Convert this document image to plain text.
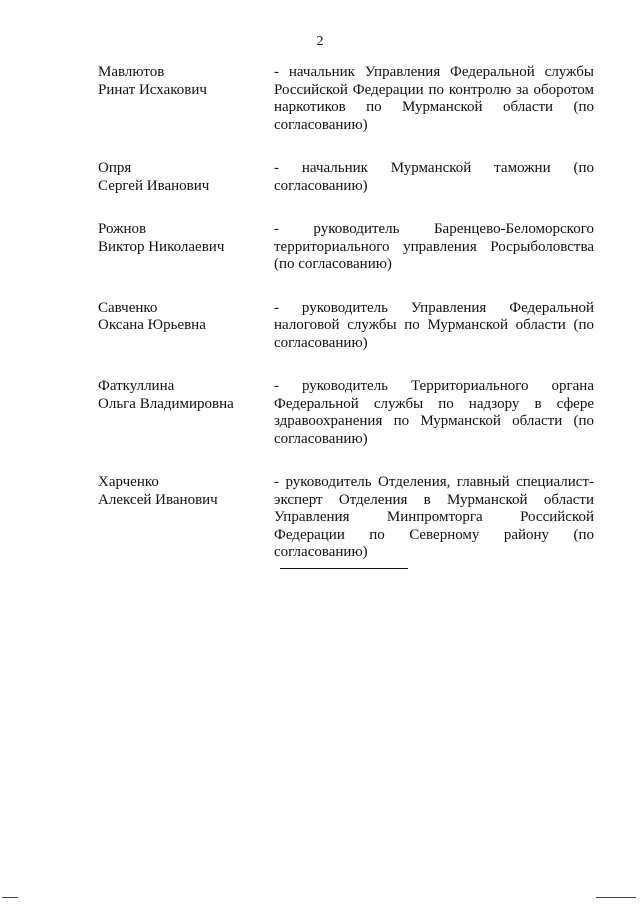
2
Мавлютов
Ринат Исхакович
- начальник Управления Федеральной службы Российской Федерации по контролю за оборотом наркотиков по Мурманской области (по согласованию)
Опря
Сергей Иванович
- начальник Мурманской таможни (по согласованию)
Рожнов
Виктор Николаевич
- руководитель Баренцево-Беломорского территориального управления Росрыболовства (по согласованию)
Савченко
Оксана Юрьевна
- руководитель Управления Федеральной налоговой службы по Мурманской области (по согласованию)
Фаткуллина
Ольга Владимировна
- руководитель Территориального органа Федеральной службы по надзору в сфере здравоохранения по Мурманской области (по согласованию)
Харченко
Алексей Иванович
- руководитель Отделения, главный специалист-эксперт Отделения в Мурманской области Управления Минпромторга Российской Федерации по Северному району (по согласованию)
